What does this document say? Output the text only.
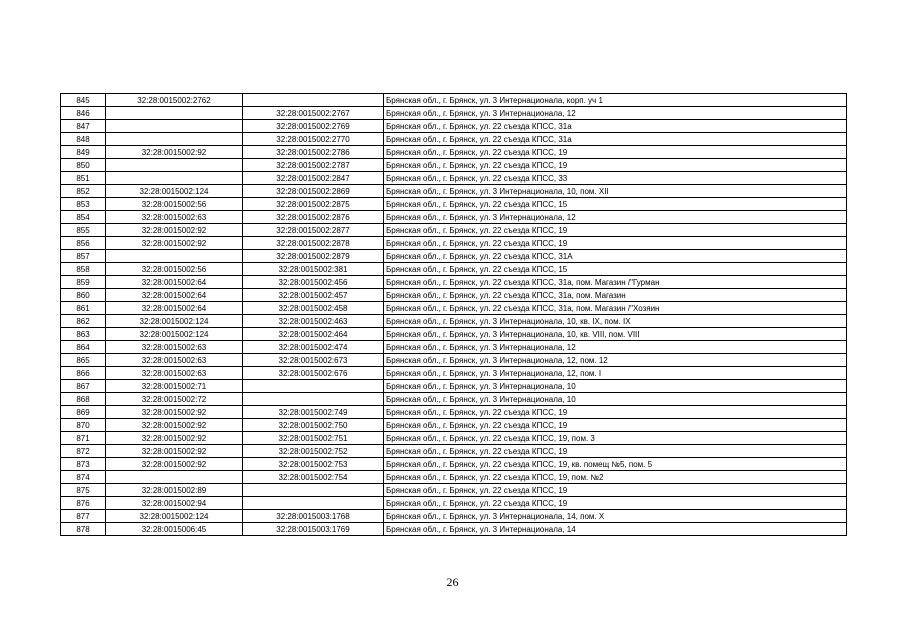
845	32:28:0015002:2762		Брянская обл., г. Брянск, ул. 3 Интернационала, корп. уч 1
846		32:28:0015002:2767	Брянская обл., г. Брянск, ул. 3 Интернационала, 12
847		32:28:0015002:2769	Брянская обл., г. Брянск, ул. 22 съезда КПСС, 31а
848		32:28:0015002:2770	Брянская обл., г. Брянск, ул. 22 съезда КПСС, 31а
849	32:28:0015002:92	32:28:0015002:2786	Брянская обл., г. Брянск, ул. 22 съезда КПСС, 19
850		32:28:0015002:2787	Брянская обл., г. Брянск, ул. 22 съезда КПСС, 19
851		32:28:0015002:2847	Брянская обл., г. Брянск, ул. 22 съезда КПСС, 33
852	32:28:0015002:124	32:28:0015002:2869	Брянская обл., г. Брянск, ул. 3 Интернационала, 10, пом. XII
853	32:28:0015002:56	32:28:0015002:2875	Брянская обл., г. Брянск, ул. 22 съезда КПСС, 15
854	32:28:0015002:63	32:28:0015002:2876	Брянская обл., г. Брянск, ул. 3 Интернационала, 12
855	32:28:0015002:92	32:28:0015002:2877	Брянская обл., г. Брянск, ул. 22 съезда КПСС, 19
856	32:28:0015002:92	32:28:0015002:2878	Брянская обл., г. Брянск, ул. 22 съезда КПСС, 19
857		32:28:0015002:2879	Брянская обл., г. Брянск, ул. 22 съезда КПСС, 31А
858	32:28:0015002:56	32:28:0015002:381	Брянская обл., г. Брянск, ул. 22 съезда КПСС, 15
859	32:28:0015002:64	32:28:0015002:456	Брянская обл., г. Брянск, ул. 22 съезда КПСС, 31а, пом. Магазин /"Гурман
860	32:28:0015002:64	32:28:0015002:457	Брянская обл., г. Брянск, ул. 22 съезда КПСС, 31а, пом. Магазин
861	32:28:0015002:64	32:28:0015002:458	Брянская обл., г. Брянск, ул. 22 съезда КПСС, 31а, пом. Магазин /"Хозяин
862	32:28:0015002:124	32:28:0015002:463	Брянская обл., г. Брянск, ул. 3 Интернационала, 10, кв. IX, пом. IX
863	32:28:0015002:124	32:28:0015002:464	Брянская обл., г. Брянск, ул. 3 Интернационала, 10, кв. VIII, пом. VIII
864	32:28:0015002:63	32:28:0015002:474	Брянская обл., г. Брянск, ул. 3 Интернационала, 12
865	32:28:0015002:63	32:28:0015002:673	Брянская обл., г. Брянск, ул. 3 Интернационала, 12, пом. 12
866	32:28:0015002:63	32:28:0015002:676	Брянская обл., г. Брянск, ул. 3 Интернационала, 12, пом. I
867	32:28:0015002:71		Брянская обл., г. Брянск, ул. 3 Интернационала, 10
868	32:28:0015002:72		Брянская обл., г. Брянск, ул. 3 Интернационала, 10
869	32:28:0015002:92	32:28:0015002:749	Брянская обл., г. Брянск, ул. 22 съезда КПСС, 19
870	32:28:0015002:92	32:28:0015002:750	Брянская обл., г. Брянск, ул. 22 съезда КПСС, 19
871	32:28:0015002:92	32:28:0015002:751	Брянская обл., г. Брянск, ул. 22 съезда КПСС, 19, пом. 3
872	32:28:0015002:92	32:28:0015002:752	Брянская обл., г. Брянск, ул. 22 съезда КПСС, 19
873	32:28:0015002:92	32:28:0015002:753	Брянская обл., г. Брянск, ул. 22 съезда КПСС, 19, кв. помещ №5, пом. 5
874		32:28:0015002:754	Брянская обл., г. Брянск, ул. 22 съезда КПСС, 19, пом. №2
875	32:28:0015002:89		Брянская обл., г. Брянск, ул. 22 съезда КПСС, 19
876	32:28:0015002:94		Брянская обл., г. Брянск, ул. 22 съезда КПСС, 19
877	32:28:0015002:124	32:28:0015003:1768	Брянская обл., г. Брянск, ул. 3 Интернационала, 14, пом. X
878	32:28:0015006:45	32:28:0015003:1769	Брянская обл., г. Брянск, ул. 3 Интернационала, 14
26
